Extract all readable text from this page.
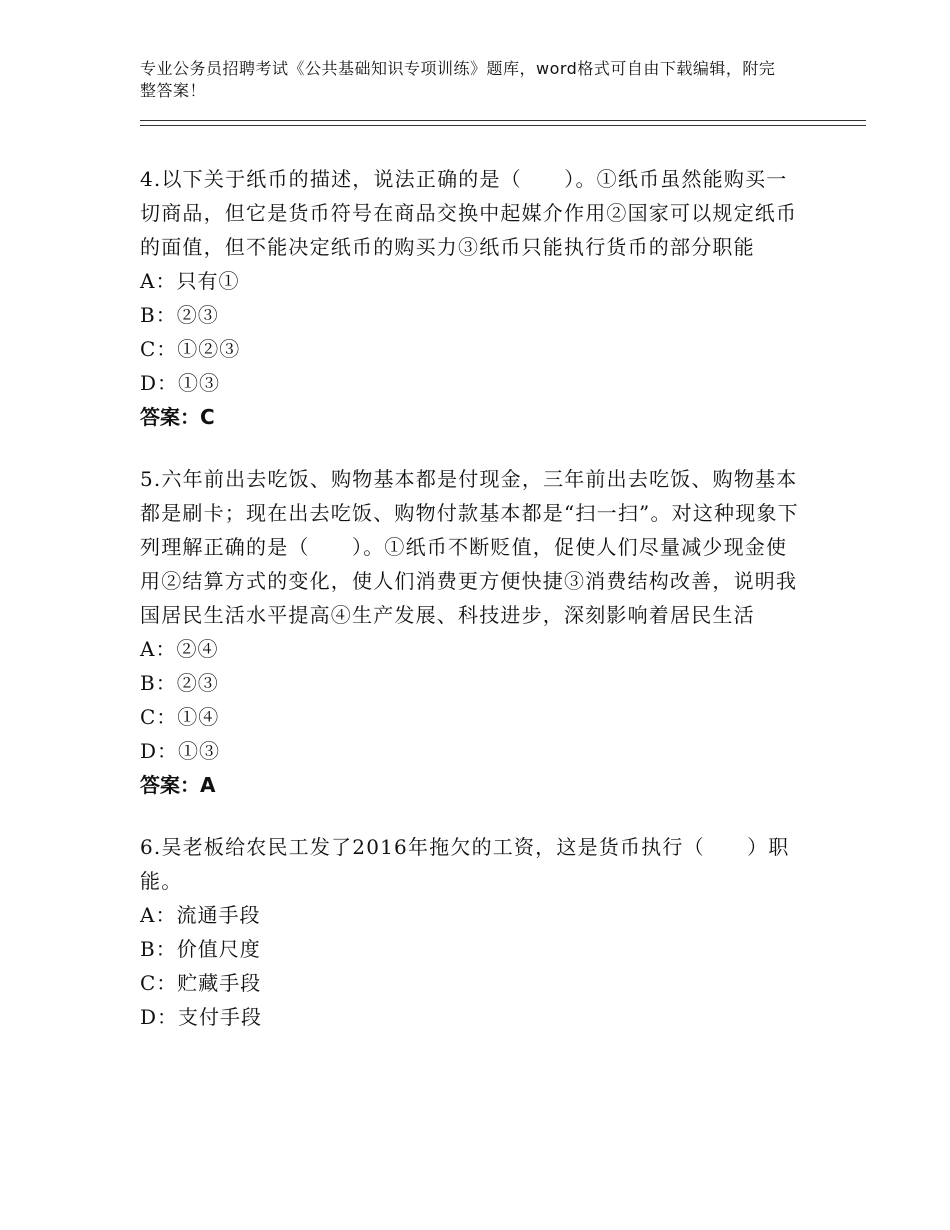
专业公务员招聘考试《公共基础知识专项训练》题库，word格式可自由下载编辑，附完整答案！

4.以下关于纸币的描述，说法正确的是（　　）。①纸币虽然能购买一切商品，但它是货币符号在商品交换中起媒介作用②国家可以规定纸币的面值，但不能决定纸币的购买力③纸币只能执行货币的部分职能

A：只有①

B：②③

C：①②③

D：①③

答案：C

5.六年前出去吃饭、购物基本都是付现金，三年前出去吃饭、购物基本都是刷卡；现在出去吃饭、购物付款基本都是“扫一扫”。对这种现象下列理解正确的是（　　）。①纸币不断贬值，促使人们尽量减少现金使用②结算方式的变化，使人们消费更方便快捷③消费结构改善，说明我国居民生活水平提高④生产发展、科技进步，深刻影响着居民生活

A：②④

B：②③

C：①④

D：①③

答案：A

6.吴老板给农民工发了2016年拖欠的工资，这是货币执行（　　）职能。

A：流通手段

B：价值尺度

C：贮藏手段

D：支付手段
